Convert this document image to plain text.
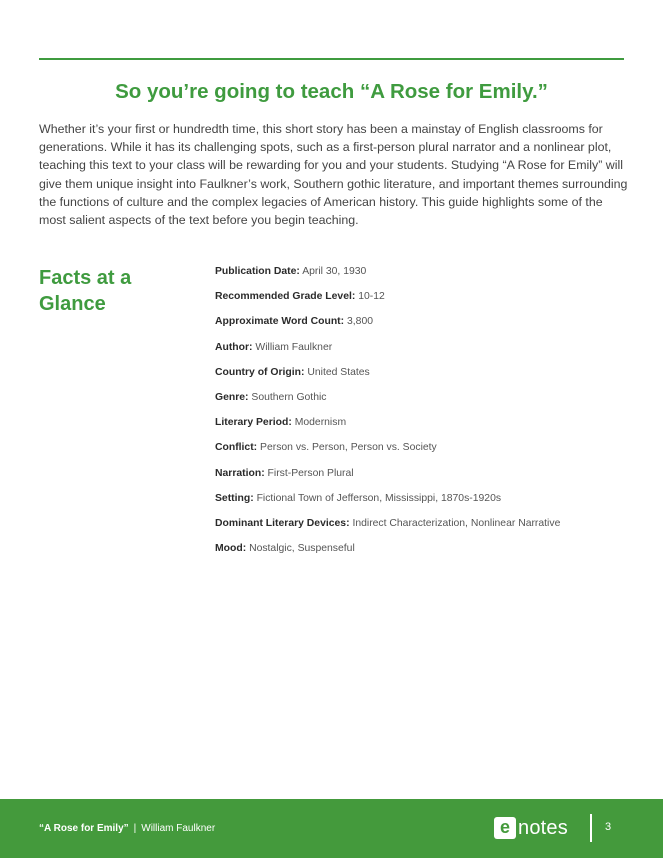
So you’re going to teach “A Rose for Emily.”

Whether it’s your first or hundredth time, this short story has been a mainstay of English classrooms for generations. While it has its challenging spots, such as a first-person plural narrator and a nonlinear plot, teaching this text to your class will be rewarding for you and your students. Studying “A Rose for Emily” will give them unique insight into Faulkner’s work, Southern gothic literature, and important themes surrounding the functions of culture and the complex legacies of American history. This guide highlights some of the most salient aspects of the text before you begin teaching.

Facts at a Glance
Publication Date: April 30, 1930
Recommended Grade Level: 10-12
Approximate Word Count: 3,800
Author: William Faulkner
Country of Origin: United States
Genre: Southern Gothic
Literary Period: Modernism
Conflict: Person vs. Person, Person vs. Society
Narration: First-Person Plural
Setting: Fictional Town of Jefferson, Mississippi, 1870s-1920s
Dominant Literary Devices: Indirect Characterization, Nonlinear Narrative
Mood: Nostalgic, Suspenseful
“A Rose for Emily” | William Faulkner	e notes	3
